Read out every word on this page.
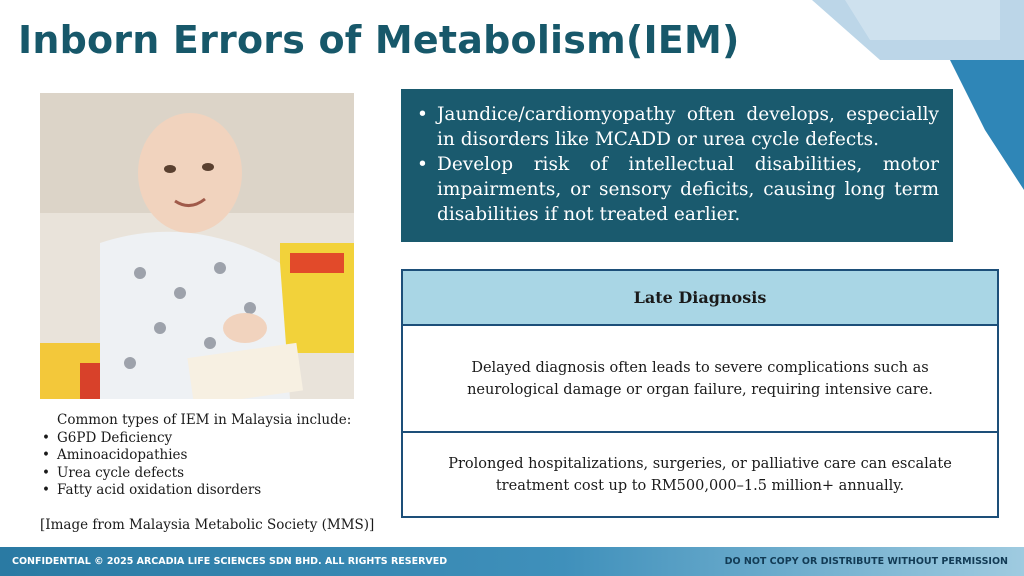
Inborn Errors of Metabolism(IEM)
Common types of IEM in Malaysia include:
• G6PD Deficiency
• Aminoacidopathies
• Urea cycle defects
• Fatty acid oxidation disorders
[Image from Malaysia Metabolic Society (MMS)]
• Jaundice/cardiomyopathy often develops, especially in disorders like MCADD or urea cycle defects.
• Develop risk of intellectual disabilities, motor impairments, or sensory deficits, causing long term disabilities if not treated earlier.
Late Diagnosis
Delayed diagnosis often leads to severe complications such as neurological damage or organ failure, requiring intensive care.
Prolonged hospitalizations, surgeries, or palliative care can escalate treatment cost up to RM500,000–1.5 million+ annually.
CONFIDENTIAL © 2025 ARCADIA LIFE SCIENCES SDN BHD. ALL RIGHTS RESERVED	DO NOT COPY OR DISTRIBUTE WITHOUT PERMISSION
